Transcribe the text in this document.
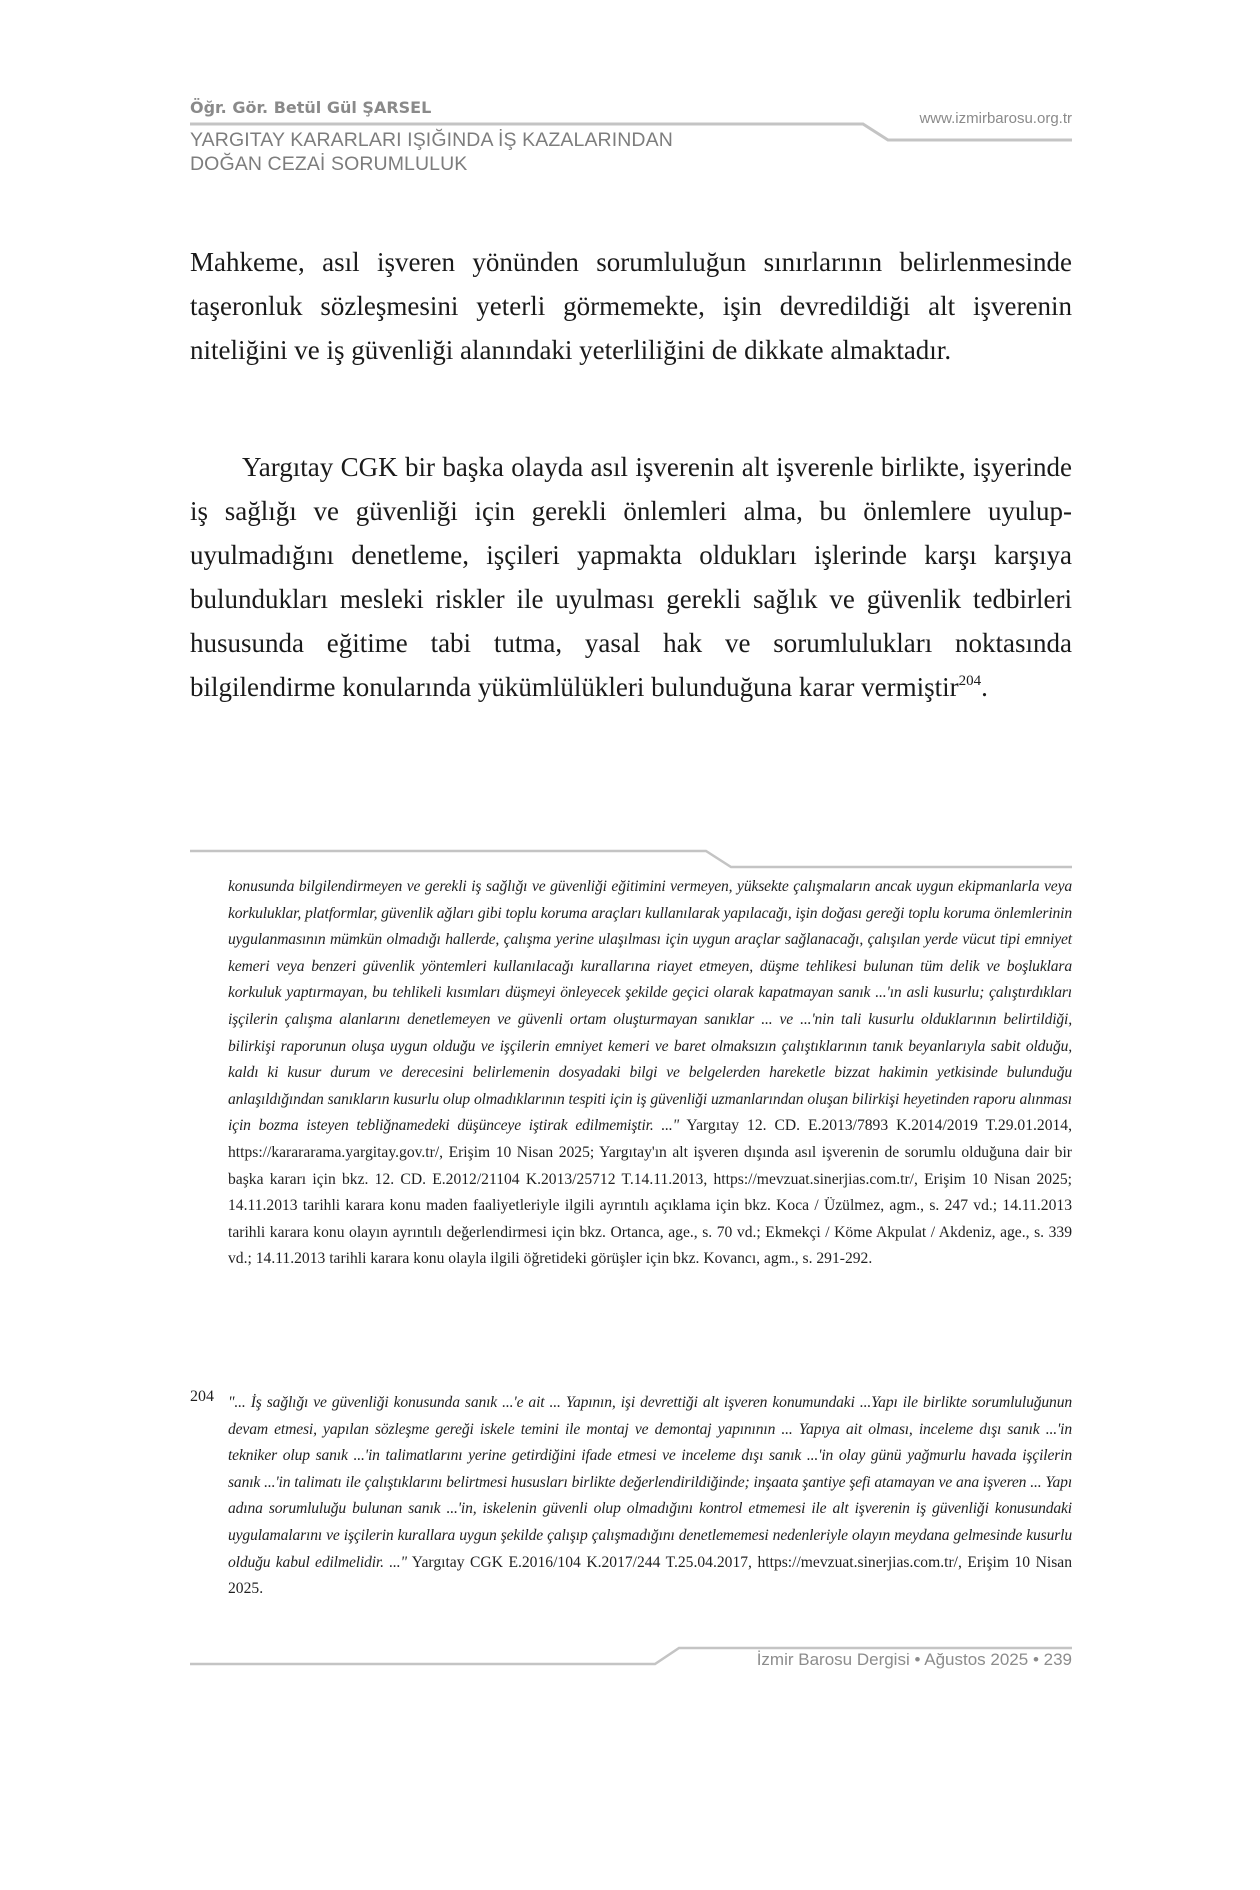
Öğr. Gör. Betül Gül ŞARSEL
YARGITAY KARARLARI IŞIĞINDA İŞ KAZALARINDAN
DOĞAN CEZAİ SORUMLULUK
www.izmirbarosu.org.tr
Mahkeme, asıl işveren yönünden sorumluluğun sınırlarının belirlenmesinde taşeronluk sözleşmesini yeterli görmemekte, işin devredildiği alt işverenin niteliğini ve iş güvenliği alanındaki yeterliliğini de dikkate almaktadır.
Yargıtay CGK bir başka olayda asıl işverenin alt işverenle birlikte, işyerinde iş sağlığı ve güvenliği için gerekli önlemleri alma, bu önlemlere uyulup-uyulmadığını denetleme, işçileri yapmakta oldukları işlerinde karşı karşıya bulundukları mesleki riskler ile uyulması gerekli sağlık ve güvenlik tedbirleri hususunda eğitime tabi tutma, yasal hak ve sorumlulukları noktasında bilgilendirme konularında yükümlülükleri bulunduğuna karar vermiştir$^{204}$.
konusunda bilgilendirmeyen ve gerekli iş sağlığı ve güvenliği eğitimini vermeyen, yüksekte çalışmaların ancak uygun ekipmanlarla veya korkuluklar, platformlar, güvenlik ağları gibi toplu koruma araçları kullanılarak yapılacağı, işin doğası gereği toplu koruma önlemlerinin uygulanmasının mümkün olmadığı hallerde, çalışma yerine ulaşılması için uygun araçlar sağlanacağı, çalışılan yerde vücut tipi emniyet kemeri veya benzeri güvenlik yöntemleri kullanılacağı kurallarına riayet etmeyen, düşme tehlikesi bulunan tüm delik ve boşluklara korkuluk yaptırmayan, bu tehlikeli kısımları düşmeyi önleyecek şekilde geçici olarak kapatmayan sanık ...'ın asli kusurlu; çalıştırdıkları işçilerin çalışma alanlarını denetlemeyen ve güvenli ortam oluşturmayan sanıklar ... ve ...'nin tali kusurlu olduklarının belirtildiği, bilirkişi raporunun oluşa uygun olduğu ve işçilerin emniyet kemeri ve baret olmaksızın çalıştıklarının tanık beyanlarıyla sabit olduğu, kaldı ki kusur durum ve derecesini belirlemenin dosyadaki bilgi ve belgelerden hareketle bizzat hakimin yetkisinde bulunduğu anlaşıldığından sanıkların kusurlu olup olmadıklarının tespiti için iş güvenliği uzmanlarından oluşan bilirkişi heyetinden raporu alınması için bozma isteyen tebliğnamedeki düşünceye iştirak edilmemiştir. ..." Yargıtay 12. CD. E.2013/7893 K.2014/2019 T.29.01.2014, https://karararama.yargitay.gov.tr/, Erişim 10 Nisan 2025; Yargıtay'ın alt işveren dışında asıl işverenin de sorumlu olduğuna dair bir başka kararı için bkz. 12. CD. E.2012/21104 K.2013/25712 T.14.11.2013, https://mevzuat.sinerjias.com.tr/, Erişim 10 Nisan 2025; 14.11.2013 tarihli karara konu maden faaliyetleriyle ilgili ayrıntılı açıklama için bkz. Koca / Üzülmez, agm., s. 247 vd.; 14.11.2013 tarihli karara konu olayın ayrıntılı değerlendirmesi için bkz. Ortanca, age., s. 70 vd.; Ekmekçi / Köme Akpulat / Akdeniz, age., s. 339 vd.; 14.11.2013 tarihli karara konu olayla ilgili öğretideki görüşler için bkz. Kovancı, agm., s. 291-292.
204 "... İş sağlığı ve güvenliği konusunda sanık ...'e ait ... Yapının, işi devrettiği alt işveren konumundaki ...Yapı ile birlikte sorumluluğunun devam etmesi, yapılan sözleşme gereği iskele temini ile montaj ve demontaj yapınının ... Yapıya ait olması, inceleme dışı sanık ...'in tekniker olup sanık ...'in talimatlarını yerine getirdiğini ifade etmesi ve inceleme dışı sanık ...'in olay günü yağmurlu havada işçilerin sanık ...'in talimatı ile çalıştıklarını belirtmesi hususları birlikte değerlendirildiğinde; inşaata şantiye şefi atamayan ve ana işveren ... Yapı adına sorumluluğu bulunan sanık ...'in, iskelenin güvenli olup olmadığını kontrol etmemesi ile alt işverenin iş güvenliği konusundaki uygulamalarını ve işçilerin kurallara uygun şekilde çalışıp çalışmadığını denetlememesi nedenleriyle olayın meydana gelmesinde kusurlu olduğu kabul edilmelidir. ..." Yargıtay CGK E.2016/104 K.2017/244 T.25.04.2017, https://mevzuat.sinerjias.com.tr/, Erişim 10 Nisan 2025.
İzmir Barosu Dergisi • Ağustos 2025 • 239
